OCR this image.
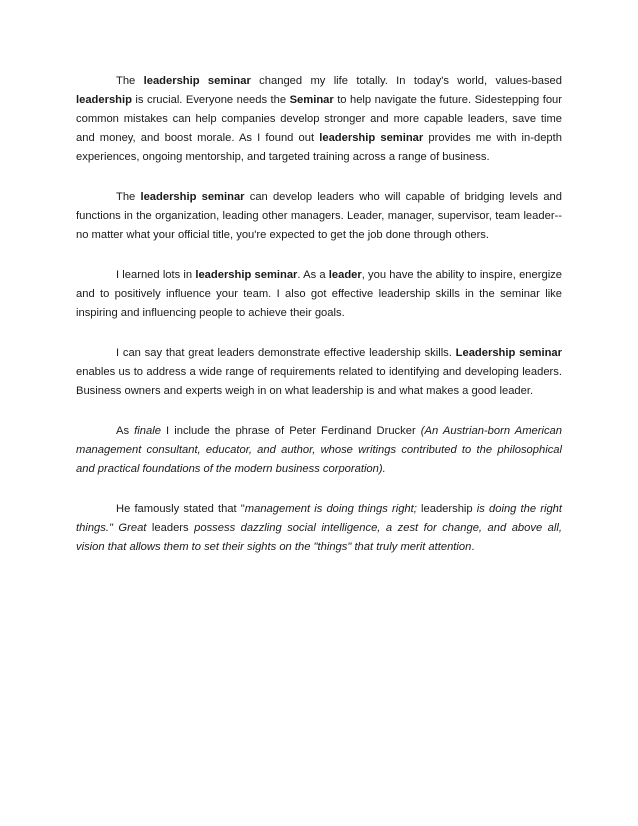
The leadership seminar changed my life totally. In today's world, values-based leadership is crucial. Everyone needs the Seminar to help navigate the future. Sidestepping four common mistakes can help companies develop stronger and more capable leaders, save time and money, and boost morale. As I found out leadership seminar provides me with in-depth experiences, ongoing mentorship, and targeted training across a range of business.

The leadership seminar can develop leaders who will capable of bridging levels and functions in the organization, leading other managers. Leader, manager, supervisor, team leader--no matter what your official title, you're expected to get the job done through others.

I learned lots in leadership seminar. As a leader, you have the ability to inspire, energize and to positively influence your team. I also got effective leadership skills in the seminar like inspiring and influencing people to achieve their goals.

I can say that great leaders demonstrate effective leadership skills. Leadership seminar enables us to address a wide range of requirements related to identifying and developing leaders. Business owners and experts weigh in on what leadership is and what makes a good leader.

As finale I include the phrase of Peter Ferdinand Drucker (An Austrian-born American management consultant, educator, and author, whose writings contributed to the philosophical and practical foundations of the modern business corporation).

He famously stated that "management is doing things right; leadership is doing the right things." Great leaders possess dazzling social intelligence, a zest for change, and above all, vision that allows them to set their sights on the "things" that truly merit attention.
